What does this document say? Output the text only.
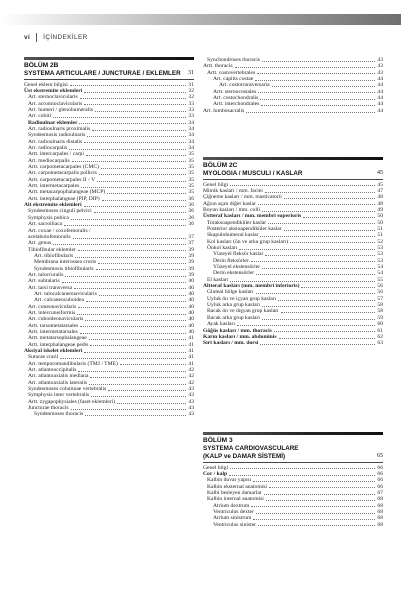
vi İÇİNDEKİLER
BÖLÜM 2B
SYSTEMA ARTICULARE / JUNCTURAE / EKLEMLER 31
Genel eklem bilgisi	31
Üst ekstremite eklemleri	32
Art. sternoclavicularis	32
Art. acromioclavicularis	33
Art. humeri / glenohumeralis	33
Art. cubiti	33
Radioulnar eklemler	34
Art. radioulnaris proximalis	34
Syndesmosis radioulnaris	34
Art. radioulnaris distalis	34
Art. radiocarpalis	34
Artt. intercarpales / carpi	35
Art. mediocarpalis	35
Artt. carpometacarpales (CMC)	35
Art. carpometacarpalis pollicis	35
Artt. carpometacarpales II - V	35
Artt. intermetacarpales	35
Artt. metacarpophalangeae (MCP)	35
Artt. interphalangeae (PIP, DIP)	36
Alt ekstremite eklemleri	36
Syndesmoses cinguli pelvici	36
Symphysis pubica	36
Art. sacroiliaca	36
Art. coxae / coxofemoralis /
acetabulofemoralis	37
Art. genus	37
Tibiofibular eklemler	39
Art. tibiofibularis	39
Membrana interossea cruris	39
Syndesmosis tibiofibularis	39
Art. talocruralis	39
Art. subtalaris	40
Art. tarsi transversa	40
Art. talocalcaneonavicularis	40
Art. calcaneocuboidea	40
Art. cuneonavicularis	40
Art. intercuneiformis	40
Art. cuboideonavicularis	40
Artt. tarsometatarsales	40
Artt. intermetatarsales	40
Artt. metatarsophalangeae	41
Artt. interphalangeae pedis	41
Aksiyal iskelet eklemleri	41
Suturae crarii	41
Art. temporomandibularis (TMJ / TME)	41
Art. atlantooccipitalis	42
Art. atlantoaxialis mediana	42
Art. atlantoaxialis lateralis	42
Syndesmoses columnae vertebralis	43
Symphysis inter vertebralis	43
Artt. zygapophysiales (faset eklemleri)	43
Juncturae thoracis	43
Syndesmoses thoracis	43
Synchondroses thoracis	43
Artt. thoracis	43
Artt. costovertebrales	43
Art. capitis costae	44
Art. costotransversaria	44
Artt. sternocostales	44
Art. costochondralis	44
Artt. interchondrales	44
Art. lumbosacralis	44
BÖLÜM 2C
MYOLOGIA / MUSCULI / KASLAR	45
Genel bilgi	45
Mimik kasları / mm. faciei	47
Çiğneme kasları / mm. masticatorii	48
Ağzın açan diğer kaslar	48
Boyun kasları / mm. colli	49
Üstteraf kasları / mm. membri superioris	50
Toraksoapendiküler kaslar	50
Posterior aksioapendiküler kaslar	51
Skapulohumeral kaslar	51
Kol kasları (ön ve arka grup kasları)	52
Önkol kasları	53
Yüzeyel fleksör kaslar	53
Derin fleksörler	53
Yüzeyel ekstensörler	54
Derin ekstensörler	54
El kasları	55
Altteraf kasları (mm. membri inferioris)	56
Gluteal bölge kasları	56
Uyluk ön ve içyan grup kasları	57
Uyluk arka grup kasları	58
Bacak ön ve dışyan grup kasları	58
Bacak arka grup kasları	59
Ayak kasları	60
Göğüs kasları / mm. thoracis	61
Karın kasları / mm. abdominis	62
Sırt kasları / mm. dorsi	63
BÖLÜM 3
SYSTEMA CARDIOVASCULARE
(KALP ve DAMAR SİSTEMİ)	65
Genel bilgi	66
Cor / kalp	66
Kalbin duvar yapısı	66
Kalbin eksternal anatomisi	66
Kalbi besleyen damarlar	67
Kalbin internal anatomisi	68
Atrium dextrum	68
Ventriculus dexter	68
Atrium sinistrum	68
Ventriculus sinister	68
